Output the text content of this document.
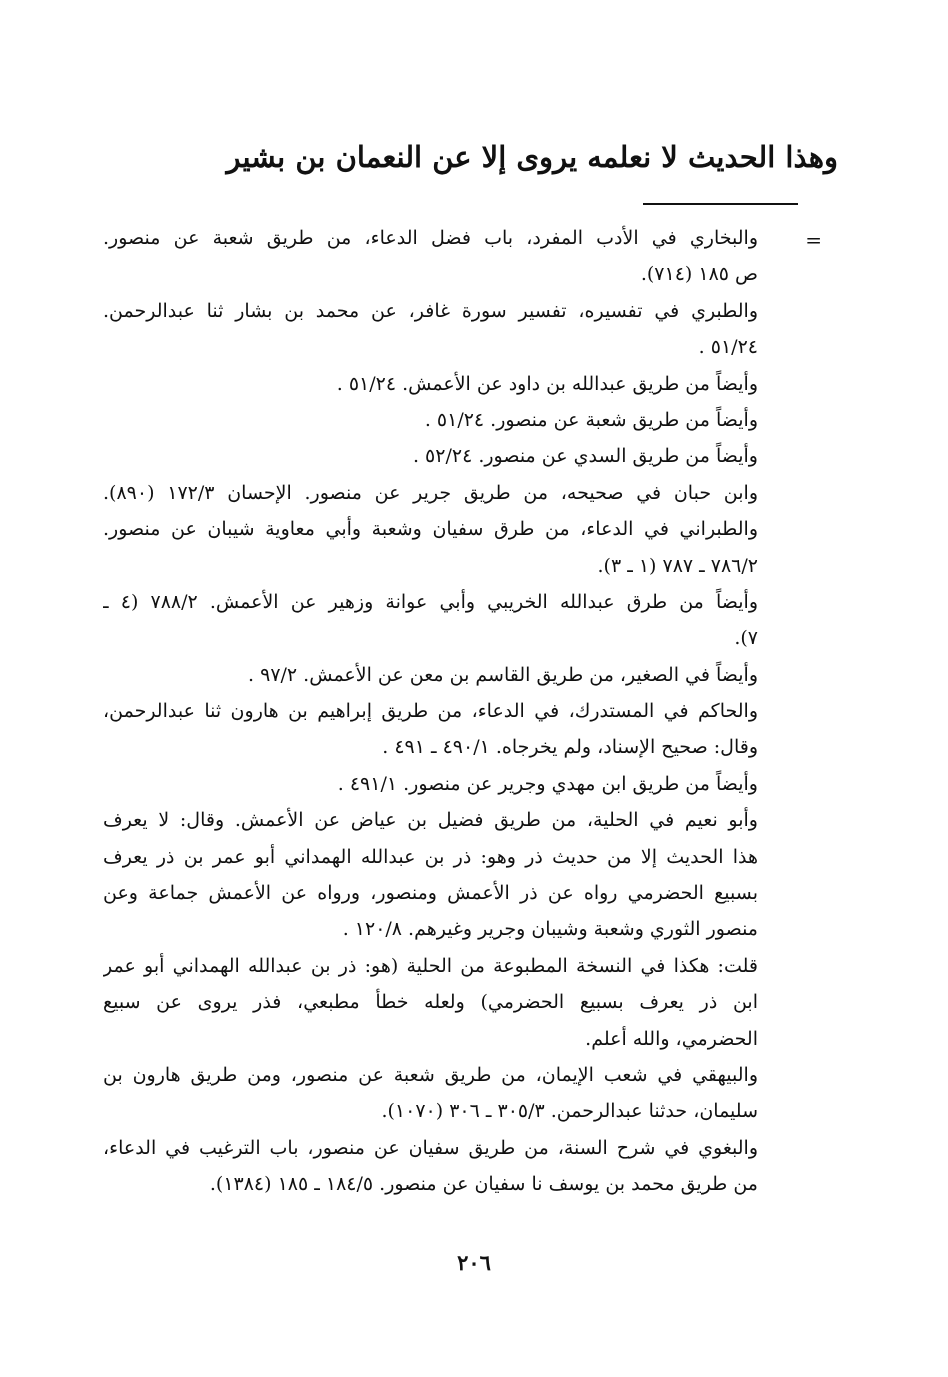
وهذا الحديث لا نعلمه يروى إلا عن النعمان بن بشير
=
والبخاري في الأدب المفرد، باب فضل الدعاء، من طريق شعبة عن منصور.
ص ١٨٥ (٧١٤).
والطبري في تفسيره، تفسير سورة غافر، عن محمد بن بشار ثنا عبدالرحمن.
٥١/٢٤ .
وأيضاً من طريق عبدالله بن داود عن الأعمش. ٥١/٢٤ .
وأيضاً من طريق شعبة عن منصور. ٥١/٢٤ .
وأيضاً من طريق السدي عن منصور. ٥٢/٢٤ .
وابن حبان في صحيحه، من طريق جرير عن منصور. الإحسان ١٧٢/٣ (٨٩٠).
والطبراني في الدعاء، من طرق سفيان وشعبة وأبي معاوية شيبان عن منصور.
٧٨٦/٢ ـ ٧٨٧ (١ ـ ٣).
وأيضاً من طرق عبدالله الخريبي وأبي عوانة وزهير عن الأعمش. ٧٨٨/٢ (٤ ـ
٧).
وأيضاً في الصغير، من طريق القاسم بن معن عن الأعمش. ٩٧/٢ .
والحاكم في المستدرك، في الدعاء، من طريق إبراهيم بن هارون ثنا عبدالرحمن،
وقال: صحيح الإسناد، ولم يخرجاه. ٤٩٠/١ ـ ٤٩١ .
وأيضاً من طريق ابن مهدي وجرير عن منصور. ٤٩١/١ .
وأبو نعيم في الحلية، من طريق فضيل بن عياض عن الأعمش. وقال: لا يعرف
هذا الحديث إلا من حديث ذر وهو: ذر بن عبدالله الهمداني أبو عمر بن ذر يعرف
بسبيع الحضرمي رواه عن ذر الأعمش ومنصور، ورواه عن الأعمش جماعة وعن
منصور الثوري وشعبة وشيبان وجرير وغيرهم. ١٢٠/٨ .
قلت: هكذا في النسخة المطبوعة من الحلية (هو: ذر بن عبدالله الهمداني أبو عمر
ابن ذر يعرف بسبيع الحضرمي) ولعله خطأ مطبعي، فذر يروى عن سبيع
الحضرمي، والله أعلم.
والبيهقي في شعب الإيمان، من طريق شعبة عن منصور، ومن طريق هارون بن
سليمان، حدثنا عبدالرحمن. ٣٠٥/٣ ـ ٣٠٦ (١٠٧٠).
والبغوي في شرح السنة، من طريق سفيان عن منصور، باب الترغيب في الدعاء،
من طريق محمد بن يوسف نا سفيان عن منصور. ١٨٤/٥ ـ ١٨٥ (١٣٨٤).
٢٠٦
